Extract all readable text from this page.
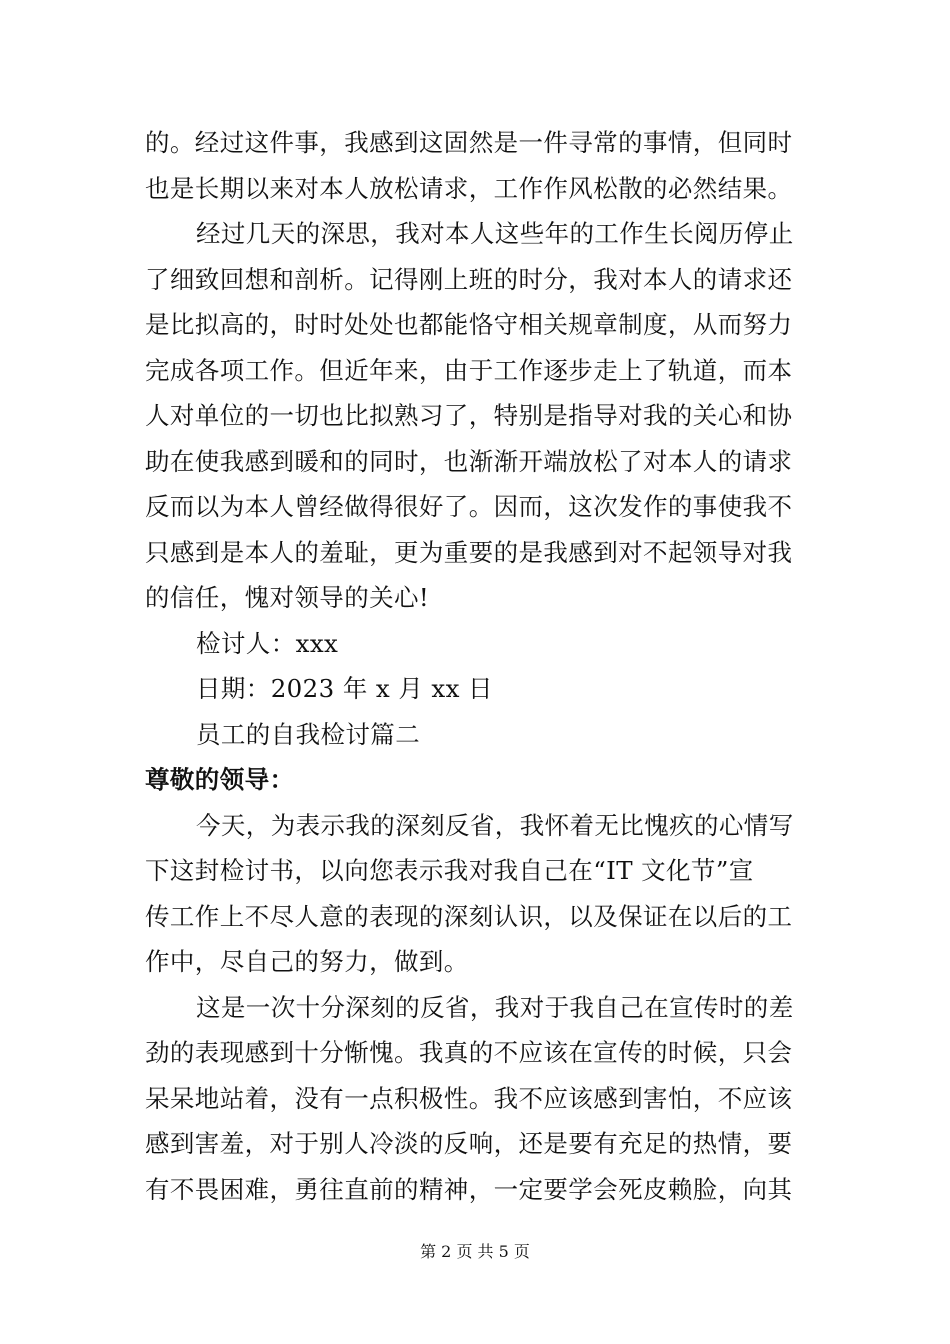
的。经过这件事，我感到这固然是一件寻常的事情，但同时
也是长期以来对本人放松请求，工作作风松散的必然结果。
经过几天的深思，我对本人这些年的工作生长阅历停止
了细致回想和剖析。记得刚上班的时分，我对本人的请求还
是比拟高的，时时处处也都能恪守相关规章制度，从而努力
完成各项工作。但近年来，由于工作逐步走上了轨道，而本
人对单位的一切也比拟熟习了，特别是指导对我的关心和协
助在使我感到暖和的同时，也渐渐开端放松了对本人的请求
反而以为本人曾经做得很好了。因而，这次发作的事使我不
只感到是本人的羞耻，更为重要的是我感到对不起领导对我
的信任，愧对领导的关心!
检讨人：xxx
日期：2023 年 x 月 xx 日
员工的自我检讨篇二
尊敬的领导：
今天，为表示我的深刻反省，我怀着无比愧疚的心情写
下这封检讨书，以向您表示我对我自己在“IT 文化节”宣
传工作上不尽人意的表现的深刻认识，以及保证在以后的工
作中，尽自己的努力，做到。
这是一次十分深刻的反省，我对于我自己在宣传时的差
劲的表现感到十分惭愧。我真的不应该在宣传的时候，只会
呆呆地站着，没有一点积极性。我不应该感到害怕，不应该
感到害羞，对于别人冷淡的反响，还是要有充足的热情，要
有不畏困难，勇往直前的精神，一定要学会死皮赖脸，向其
第 2 页 共 5 页
